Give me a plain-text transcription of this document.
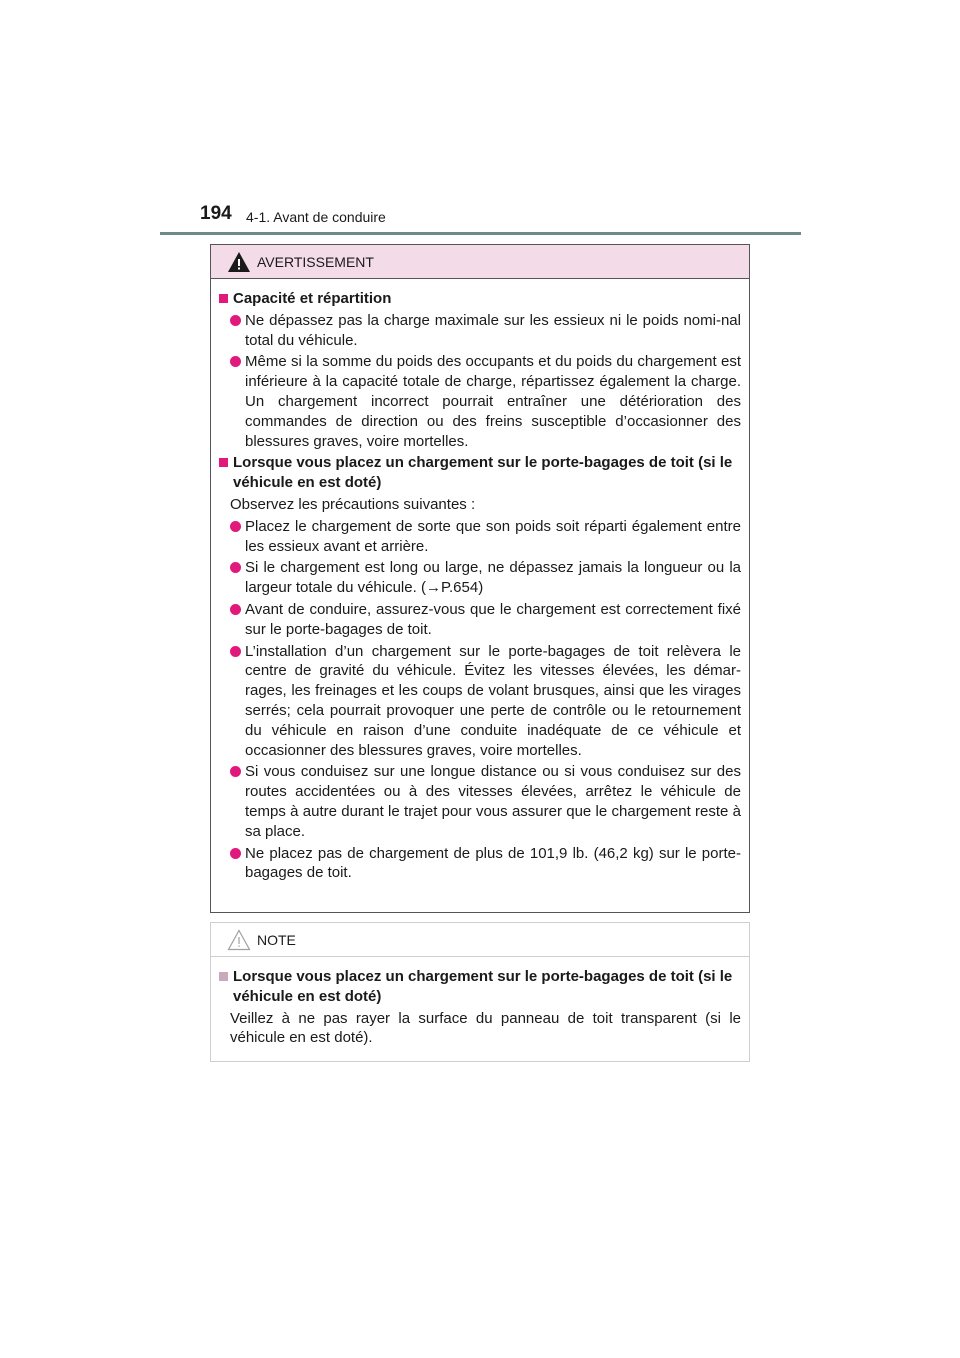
194 4-1. Avant de conduire
AVERTISSEMENT
Capacité et répartition
Ne dépassez pas la charge maximale sur les essieux ni le poids nomi-nal total du véhicule.
Même si la somme du poids des occupants et du poids du chargement est inférieure à la capacité totale de charge, répartissez également la charge. Un chargement incorrect pourrait entraîner une détérioration des commandes de direction ou des freins susceptible d’occasionner des blessures graves, voire mortelles.
Lorsque vous placez un chargement sur le porte-bagages de toit (si le véhicule en est doté)
Observez les précautions suivantes :
Placez le chargement de sorte que son poids soit réparti également entre les essieux avant et arrière.
Si le chargement est long ou large, ne dépassez jamais la longueur ou la largeur totale du véhicule. (→P.654)
Avant de conduire, assurez-vous que le chargement est correctement fixé sur le porte-bagages de toit.
L’installation d’un chargement sur le porte-bagages de toit relèvera le centre de gravité du véhicule. Évitez les vitesses élevées, les démar-rages, les freinages et les coups de volant brusques, ainsi que les virages serrés; cela pourrait provoquer une perte de contrôle ou le retournement du véhicule en raison d’une conduite inadéquate de ce véhicule et occasionner des blessures graves, voire mortelles.
Si vous conduisez sur une longue distance ou si vous conduisez sur des routes accidentées ou à des vitesses élevées, arrêtez le véhicule de temps à autre durant le trajet pour vous assurer que le chargement reste à sa place.
Ne placez pas de chargement de plus de 101,9 lb. (46,2 kg) sur le porte-bagages de toit.
NOTE
Lorsque vous placez un chargement sur le porte-bagages de toit (si le véhicule en est doté)
Veillez à ne pas rayer la surface du panneau de toit transparent (si le véhicule en est doté).
